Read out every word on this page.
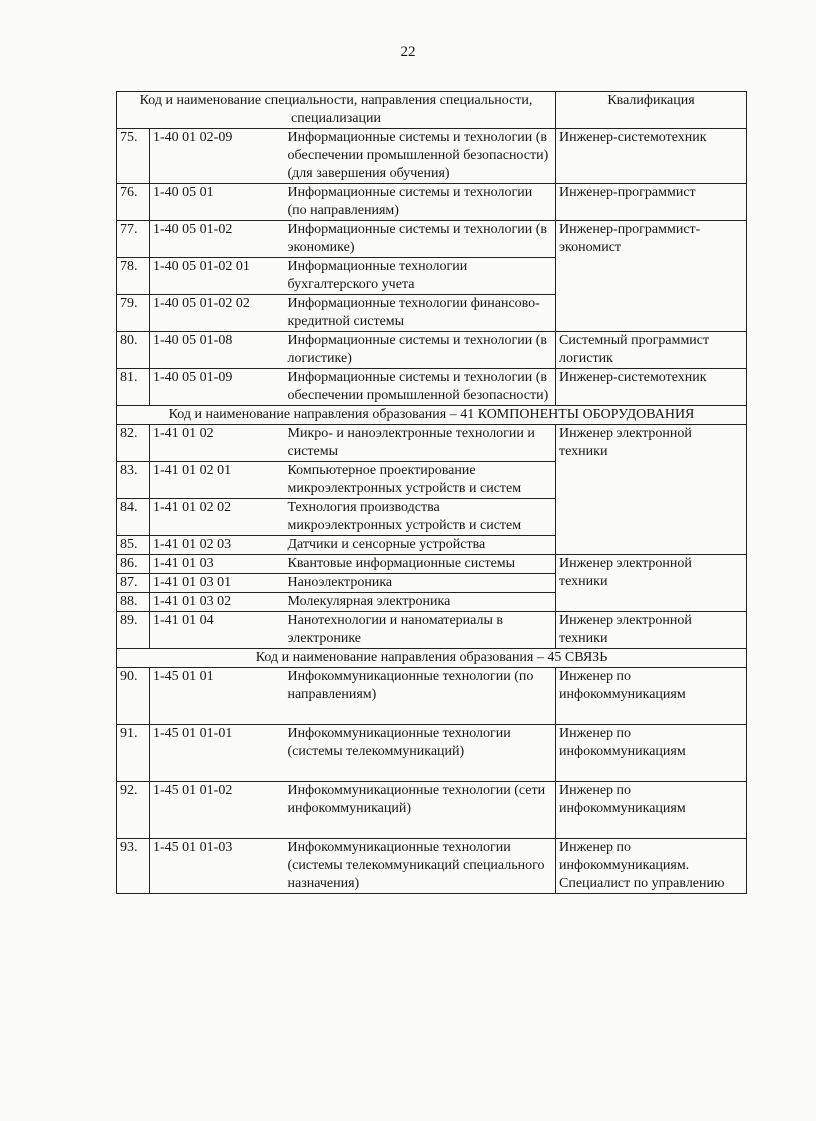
22
Код и наименование специальности, направления специальности, специализации			Квалификация
75.	1-40 01 02-09	Информационные системы и технологии (в обеспечении промышленной безопасности) (для завершения обучения)	Инженер-системотехник
76.	1-40 05 01	Информационные системы и технологии (по направлениям)	Инженер-программист
77.	1-40 05 01-02	Информационные системы и технологии (в экономике)	Инженер-программист-экономист
78.	1-40 05 01-02 01	Информационные технологии бухгалтерского учета	
79.	1-40 05 01-02 02	Информационные технологии финансово-кредитной системы	
80.	1-40 05 01-08	Информационные системы и технологии (в логистике)	Системный программист логистик
81.	1-40 05 01-09	Информационные системы и технологии (в обеспечении промышленной безопасности)	Инженер-системотехник
Код и наименование направления образования – 41 КОМПОНЕНТЫ ОБОРУДОВАНИЯ			
82.	1-41 01 02	Микро- и наноэлектронные технологии и системы	Инженер электронной техники
83.	1-41 01 02 01	Компьютерное проектирование микроэлектронных устройств и систем	
84.	1-41 01 02 02	Технология производства микроэлектронных устройств и систем	
85.	1-41 01 02 03	Датчики и сенсорные устройства	
86.	1-41 01 03	Квантовые информационные системы	Инженер электронной техники
87.	1-41 01 03 01	Наноэлектроника	
88.	1-41 01 03 02	Молекулярная электроника	
89.	1-41 01 04	Нанотехнологии и наноматериалы в электронике	Инженер электронной техники
Код и наименование направления образования – 45 СВЯЗЬ			
90.	1-45 01 01	Инфокоммуникационные технологии (по направлениям)	Инженер по инфокоммуникациям
91.	1-45 01 01-01	Инфокоммуникационные технологии (системы телекоммуникаций)	Инженер по инфокоммуникациям
92.	1-45 01 01-02	Инфокоммуникационные технологии (сети инфокоммуникаций)	Инженер по инфокоммуникациям
93.	1-45 01 01-03	Инфокоммуникационные технологии (системы телекоммуникаций специального назначения)	Инженер по инфокоммуникациям. Специалист по управлению
